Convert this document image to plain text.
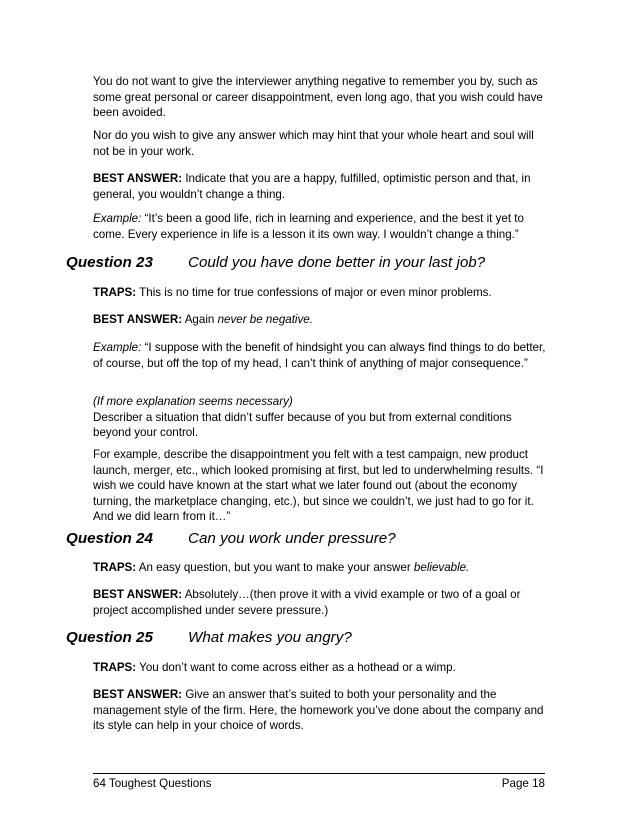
You do not want to give the interviewer anything negative to remember you by, such as some great personal or career disappointment, even long ago, that you wish could have been avoided.

Nor do you wish to give any answer which may hint that your whole heart and soul will not be in your work.

BEST ANSWER: Indicate that you are a happy, fulfilled, optimistic person and that, in general, you wouldn’t change a thing.

Example: “It’s been a good life, rich in learning and experience, and the best it yet to come. Every experience in life is a lesson it its own way. I wouldn’t change a thing.”

Question 23 Could you have done better in your last job?

TRAPS: This is no time for true confessions of major or even minor problems.

BEST ANSWER: Again never be negative.

Example: “I suppose with the benefit of hindsight you can always find things to do better, of course, but off the top of my head, I can’t think of anything of major consequence.”

(If more explanation seems necessary)
Describer a situation that didn’t suffer because of you but from external conditions beyond your control.

For example, describe the disappointment you felt with a test campaign, new product launch, merger, etc., which looked promising at first, but led to underwhelming results. “I wish we could have known at the start what we later found out (about the economy turning, the marketplace changing, etc.), but since we couldn’t, we just had to go for it. And we did learn from it…”

Question 24 Can you work under pressure?

TRAPS: An easy question, but you want to make your answer believable.

BEST ANSWER: Absolutely…(then prove it with a vivid example or two of a goal or project accomplished under severe pressure.)

Question 25 What makes you angry?

TRAPS: You don’t want to come across either as a hothead or a wimp.

BEST ANSWER: Give an answer that’s suited to both your personality and the management style of the firm. Here, the homework you’ve done about the company and its style can help in your choice of words.

64 Toughest Questions	Page 18
